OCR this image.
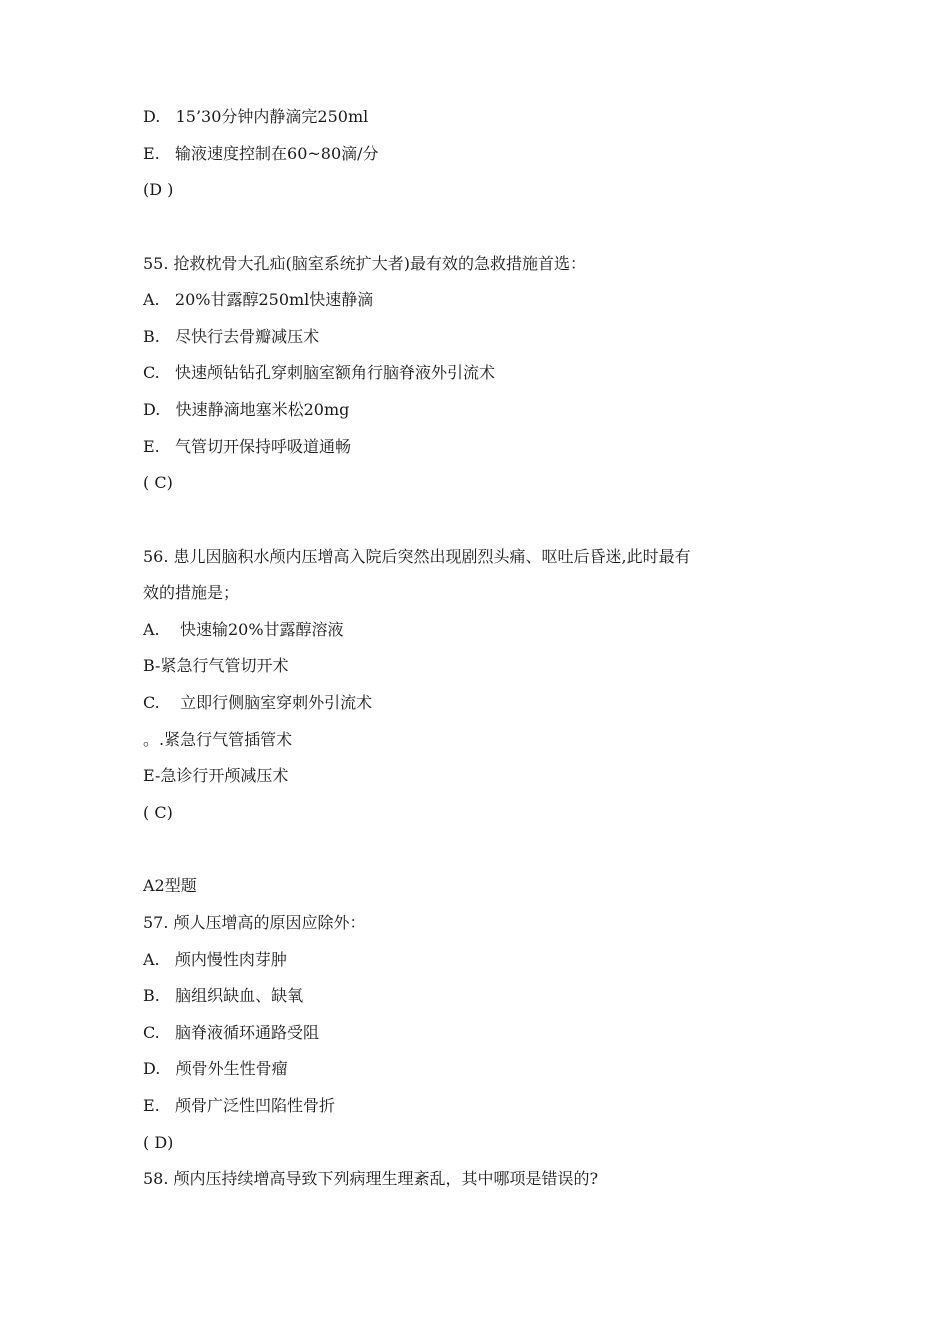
D.   15’30分钟内静滴完250ml
E.   输液速度控制在60~80滴/分
(D )
55. 抢救枕骨大孔疝(脑室系统扩大者)最有效的急救措施首选：
A.   20%甘露醇250ml快速静滴
B.   尽快行去骨瓣减压术
C.   快速颅钻钻孔穿刺脑室额角行脑脊液外引流术
D.   快速静滴地塞米松20mg
E.   气管切开保持呼吸道通畅
( C)
56. 患儿因脑积水颅内压增高入院后突然出现剧烈头痛、呕吐后昏迷,此时最有
效的措施是；
A.    快速输20%甘露醇溶液
B-紧急行气管切开术
C.    立即行侧脑室穿刺外引流术
。.紧急行气管插管术
E-急诊行开颅减压术
( C)
A2型题
57. 颅人压增高的原因应除外：
A.   颅内慢性肉芽肿
B.   脑组织缺血、缺氧
C.   脑脊液循环通路受阻
D.   颅骨外生性骨瘤
E.   颅骨广泛性凹陷性骨折
( D)
58. 颅内压持续增高导致下列病理生理紊乱，其中哪项是错误的?
